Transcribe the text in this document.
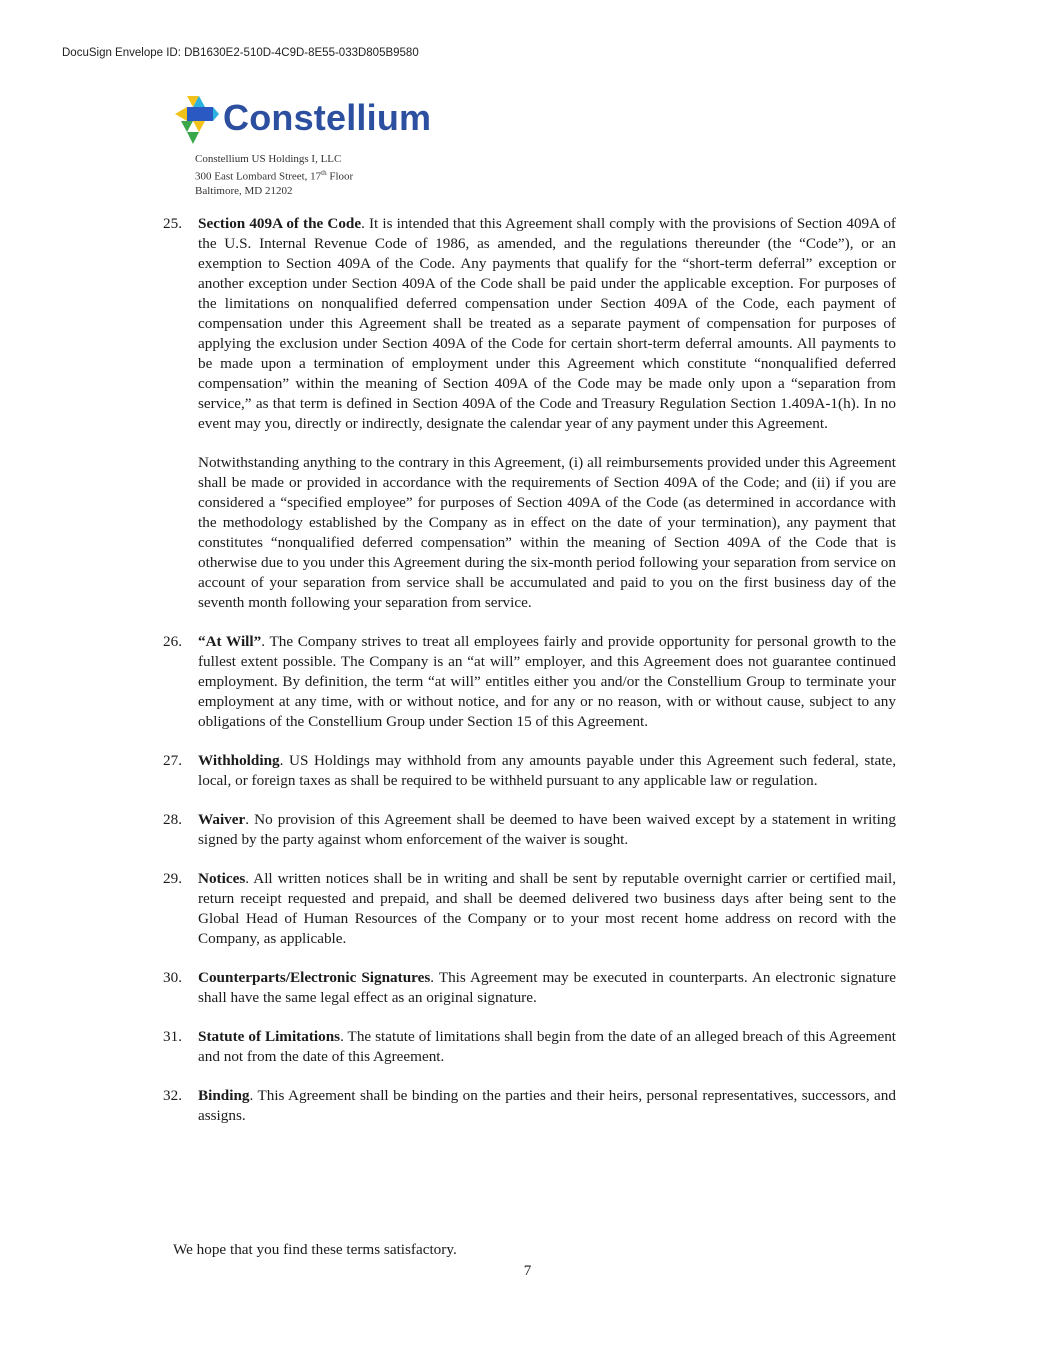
DocuSign Envelope ID: DB1630E2-510D-4C9D-8E55-033D805B9580
Constellium
Constellium US Holdings I, LLC
300 East Lombard Street, 17th Floor
Baltimore, MD 21202
25.	Section 409A of the Code. It is intended that this Agreement shall comply with the provisions of Section 409A of the U.S. Internal Revenue Code of 1986, as amended, and the regulations thereunder (the “Code”), or an exemption to Section 409A of the Code. Any payments that qualify for the “short-term deferral” exception or another exception under Section 409A of the Code shall be paid under the applicable exception. For purposes of the limitations on nonqualified deferred compensation under Section 409A of the Code, each payment of compensation under this Agreement shall be treated as a separate payment of compensation for purposes of applying the exclusion under Section 409A of the Code for certain short-term deferral amounts. All payments to be made upon a termination of employment under this Agreement which constitute “nonqualified deferred compensation” within the meaning of Section 409A of the Code may be made only upon a “separation from service,” as that term is defined in Section 409A of the Code and Treasury Regulation Section 1.409A-1(h). In no event may you, directly or indirectly, designate the calendar year of any payment under this Agreement.

Notwithstanding anything to the contrary in this Agreement, (i) all reimbursements provided under this Agreement shall be made or provided in accordance with the requirements of Section 409A of the Code; and (ii) if you are considered a “specified employee” for purposes of Section 409A of the Code (as determined in accordance with the methodology established by the Company as in effect on the date of your termination), any payment that constitutes “nonqualified deferred compensation” within the meaning of Section 409A of the Code that is otherwise due to you under this Agreement during the six-month period following your separation from service on account of your separation from service shall be accumulated and paid to you on the first business day of the seventh month following your separation from service.

26.	“At Will”. The Company strives to treat all employees fairly and provide opportunity for personal growth to the fullest extent possible. The Company is an “at will” employer, and this Agreement does not guarantee continued employment. By definition, the term “at will” entitles either you and/or the Constellium Group to terminate your employment at any time, with or without notice, and for any or no reason, with or without cause, subject to any obligations of the Constellium Group under Section 15 of this Agreement.

27.	Withholding. US Holdings may withhold from any amounts payable under this Agreement such federal, state, local, or foreign taxes as shall be required to be withheld pursuant to any applicable law or regulation.

28.	Waiver. No provision of this Agreement shall be deemed to have been waived except by a statement in writing signed by the party against whom enforcement of the waiver is sought.

29.	Notices. All written notices shall be in writing and shall be sent by reputable overnight carrier or certified mail, return receipt requested and prepaid, and shall be deemed delivered two business days after being sent to the Global Head of Human Resources of the Company or to your most recent home address on record with the Company, as applicable.

30.	Counterparts/Electronic Signatures. This Agreement may be executed in counterparts. An electronic signature shall have the same legal effect as an original signature.

31.	Statute of Limitations. The statute of limitations shall begin from the date of an alleged breach of this Agreement and not from the date of this Agreement.

32.	Binding. This Agreement shall be binding on the parties and their heirs, personal representatives, successors, and assigns.

We hope that you find these terms satisfactory.
7
